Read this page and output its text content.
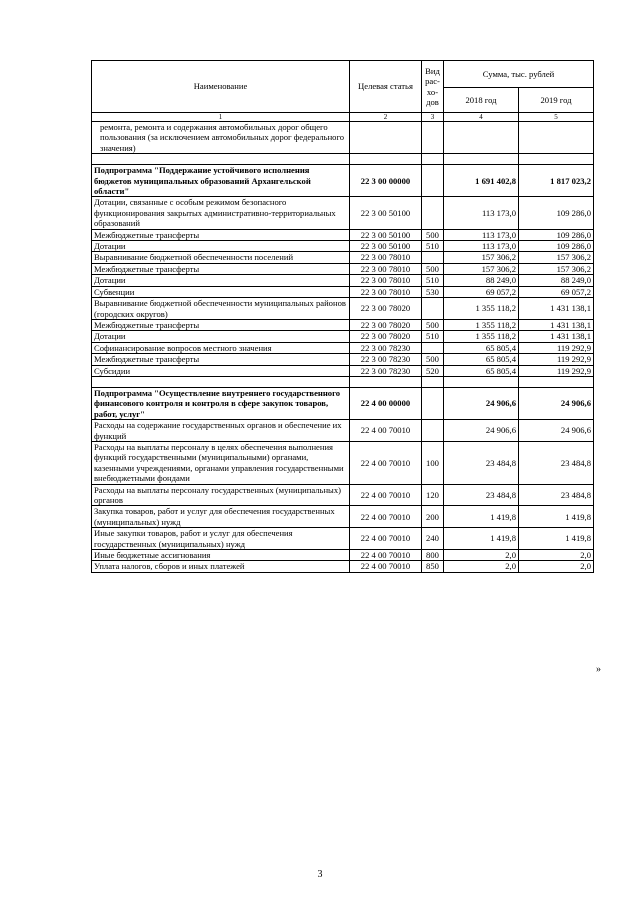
Наименование	Целевая статья	Вид рас-хо-дов	Сумма, тыс. рублей	
			2018 год	2019 год
1	2	3	4	5
ремонта, ремонта и содержания автомобильных дорог общего пользования (за исключением автомобильных дорог федерального значения)				

Подпрограмма "Поддержание устойчивого исполнения бюджетов муниципальных образований Архангельской области"	22 3 00 00000		1 691 402,8	1 817 023,2
Дотации, связанные с особым режимом безопасного функционирования закрытых административно-территориальных образований	22 3 00 50100		113 173,0	109 286,0
Межбюджетные трансферты	22 3 00 50100	500	113 173,0	109 286,0
Дотации	22 3 00 50100	510	113 173,0	109 286,0
Выравнивание бюджетной обеспеченности поселений	22 3 00 78010		157 306,2	157 306,2
Межбюджетные трансферты	22 3 00 78010	500	157 306,2	157 306,2
Дотации	22 3 00 78010	510	88 249,0	88 249,0
Субвенции	22 3 00 78010	530	69 057,2	69 057,2
Выравнивание бюджетной обеспеченности муниципальных районов (городских округов)	22 3 00 78020		1 355 118,2	1 431 138,1
Межбюджетные трансферты	22 3 00 78020	500	1 355 118,2	1 431 138,1
Дотации	22 3 00 78020	510	1 355 118,2	1 431 138,1
Софинансирование вопросов местного значения	22 3 00 78230		65 805,4	119 292,9
Межбюджетные трансферты	22 3 00 78230	500	65 805,4	119 292,9
Субсидии	22 3 00 78230	520	65 805,4	119 292,9

Подпрограмма "Осуществление внутреннего государственного финансового контроля и контроля в сфере закупок товаров, работ, услуг"	22 4 00 00000		24 906,6	24 906,6
Расходы на содержание государственных органов и обеспечение их функций	22 4 00 70010		24 906,6	24 906,6
Расходы на выплаты персоналу в целях обеспечения выполнения функций государственными (муниципальными) органами, казенными учреждениями, органами управления государственными внебюджетными фондами	22 4 00 70010	100	23 484,8	23 484,8
Расходы на выплаты персоналу государственных (муниципальных) органов	22 4 00 70010	120	23 484,8	23 484,8
Закупка товаров, работ и услуг для обеспечения государственных (муниципальных) нужд	22 4 00 70010	200	1 419,8	1 419,8
Иные закупки товаров, работ и услуг для обеспечения государственных (муниципальных) нужд	22 4 00 70010	240	1 419,8	1 419,8
Иные бюджетные ассигнования	22 4 00 70010	800	2,0	2,0
Уплата налогов, сборов и иных платежей	22 4 00 70010	850	2,0	2,0
»
3
